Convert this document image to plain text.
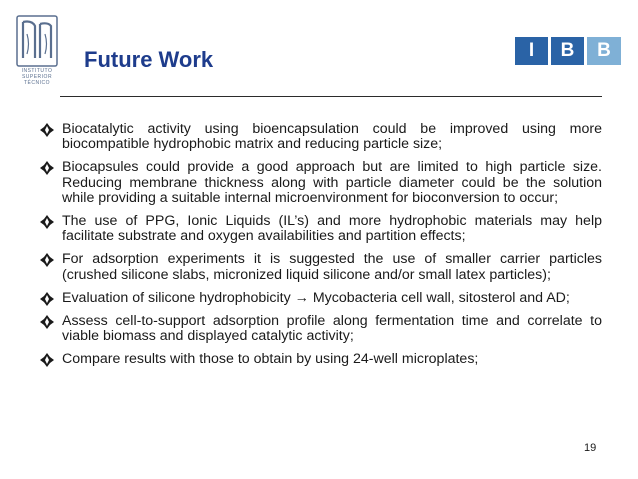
INSTITUTO
SUPERIOR
TÉCNICO
I	B	B
Future Work
Biocatalytic activity using bioencapsulation could be improved using more biocompatible hydrophobic matrix and reducing particle size;
Biocapsules could provide a good approach but are limited to high particle size. Reducing membrane thickness along with particle diameter could be the solution while providing a suitable internal microenvironment for bioconversion to occur;
The use of PPG, Ionic Liquids (IL’s) and more hydrophobic materials may help facilitate substrate and oxygen availabilities and partition effects;
For adsorption experiments it is suggested the use of smaller carrier particles (crushed silicone slabs, micronized liquid silicone and/or small latex particles);
Evaluation of silicone hydrophobicity → Mycobacteria cell wall, sitosterol and AD;
Assess cell-to-support adsorption profile along fermentation time and correlate to viable biomass and displayed catalytic activity;
Compare results with those to obtain by using 24-well microplates;
19
